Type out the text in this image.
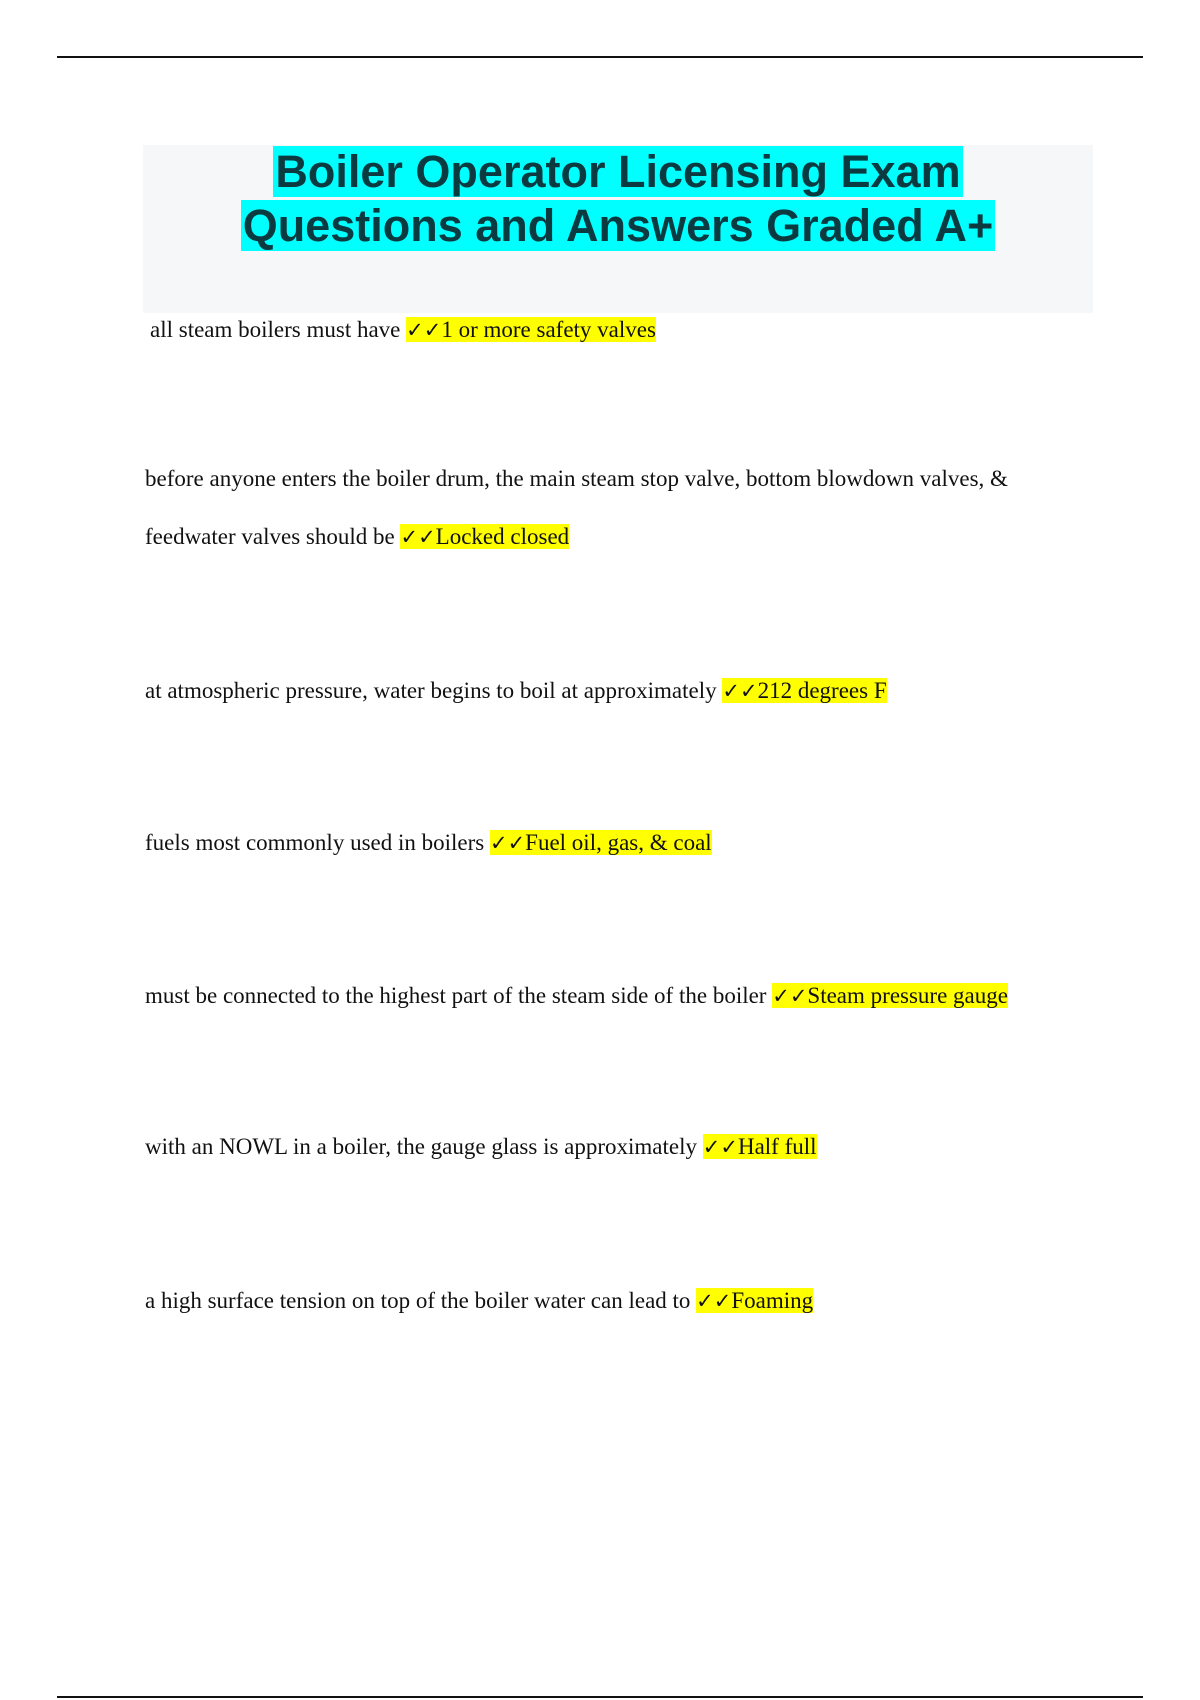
Boiler Operator Licensing Exam
Questions and Answers Graded A+

all steam boilers must have ✓✓1 or more safety valves

before anyone enters the boiler drum, the main steam stop valve, bottom blowdown valves, & feedwater valves should be ✓✓Locked closed

at atmospheric pressure, water begins to boil at approximately ✓✓212 degrees F

fuels most commonly used in boilers ✓✓Fuel oil, gas, & coal

must be connected to the highest part of the steam side of the boiler ✓✓Steam pressure gauge

with an NOWL in a boiler, the gauge glass is approximately ✓✓Half full

a high surface tension on top of the boiler water can lead to ✓✓Foaming
